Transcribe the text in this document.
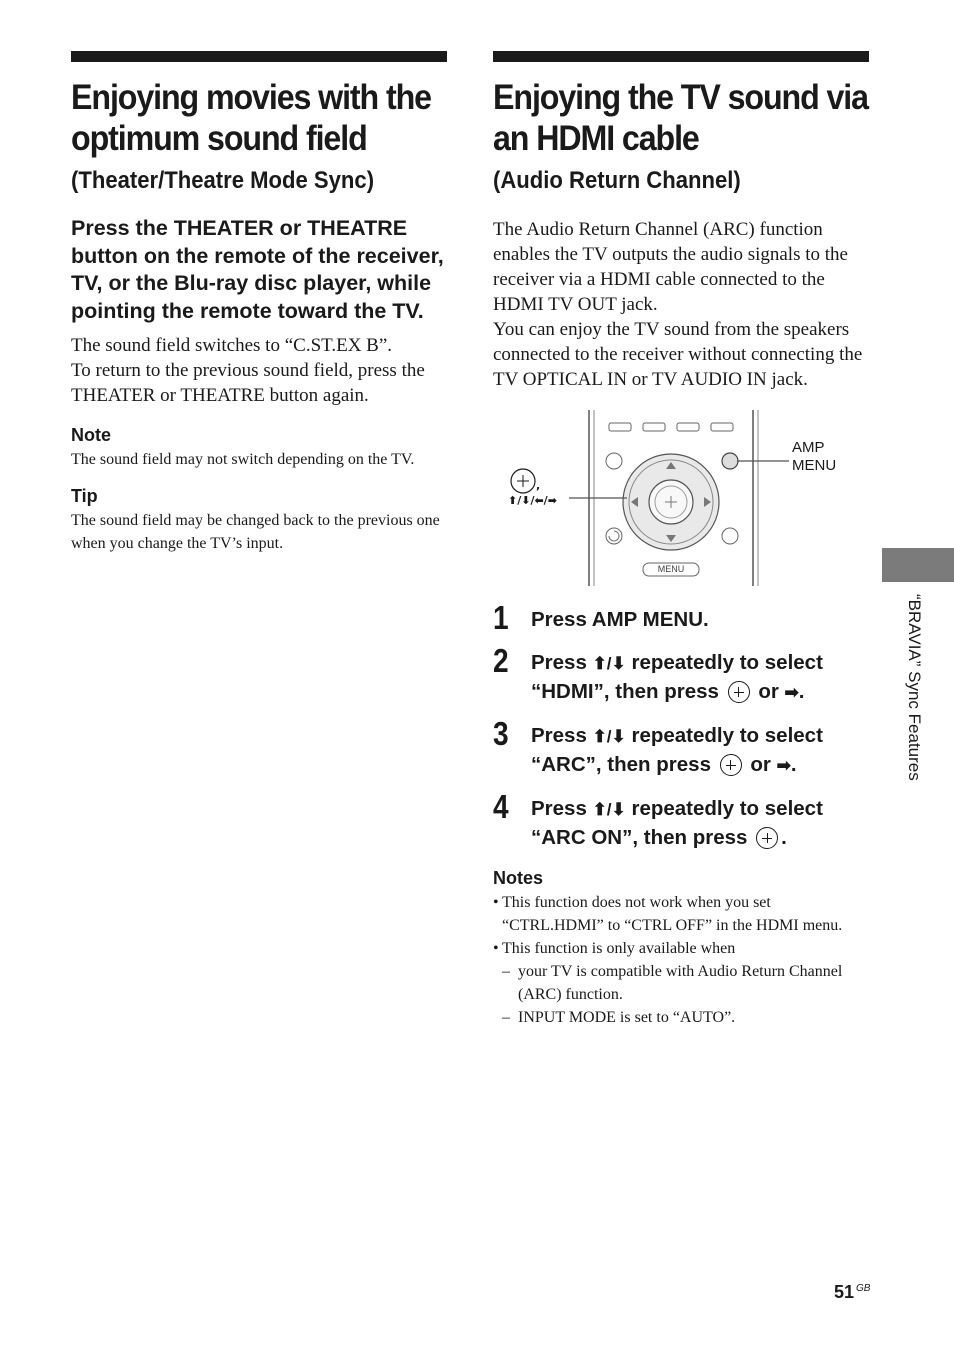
Enjoying movies with the optimum sound field
(Theater/Theatre Mode Sync)

Press the THEATER or THEATRE button on the remote of the receiver, TV, or the Blu-ray disc player, while pointing the remote toward the TV.

The sound field switches to “C.ST.EX B”.
To return to the previous sound field, press the THEATER or THEATRE button again.

Note

The sound field may not switch depending on the TV.

Tip

The sound field may be changed back to the previous one when you change the TV’s input.

Enjoying the TV sound via an HDMI cable
(Audio Return Channel)

The Audio Return Channel (ARC) function enables the TV outputs the audio signals to the receiver via a HDMI cable connected to the HDMI TV OUT jack.
You can enjoy the TV sound from the speakers connected to the receiver without connecting the TV OPTICAL IN or TV AUDIO IN jack.

,
⬆/⬇/⬅/➡
AMP
MENU
MENU
1 Press AMP MENU.
2 Press ⬆/⬇ repeatedly to select “HDMI”, then press  or ➡.
3 Press ⬆/⬇ repeatedly to select “ARC”, then press  or ➡.
4 Press ⬆/⬇ repeatedly to select “ARC ON”, then press .
Notes
• This function does not work when you set “CTRL.HDMI” to “CTRL OFF” in the HDMI menu.
• This function is only available when
– your TV is compatible with Audio Return Channel (ARC) function.
– INPUT MODE is set to “AUTO”.
“BRAVIA” Sync Features
51 $^{GB}$
